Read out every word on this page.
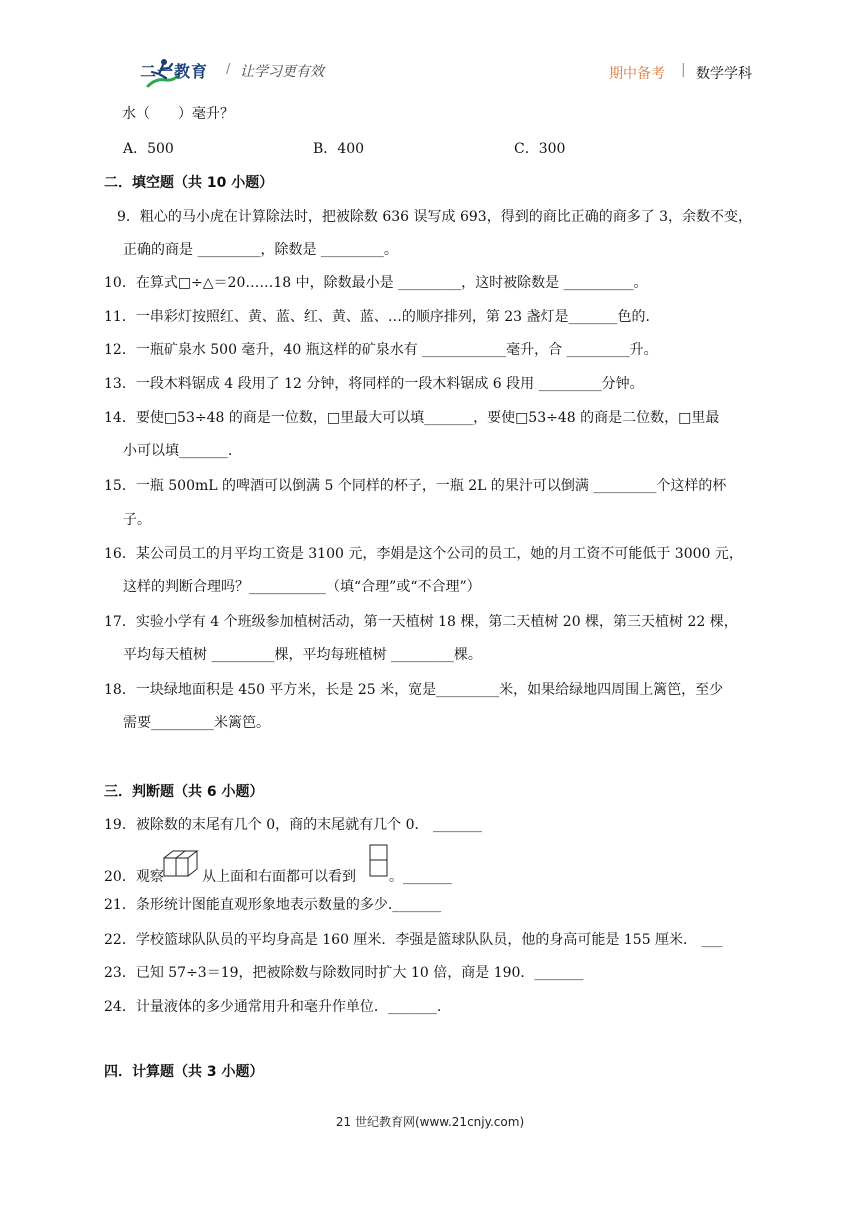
二一教育 / 让学习更有效	期中备考 | 数学学科
水（　　）毫升？
A．500	B．400	C．300
二．填空题（共 10 小题）
9．粗心的马小虎在计算除法时，把被除数 636 误写成 693，得到的商比正确的商多了 3，余数不变，
正确的商是 _________，除数是 _________。
10．在算式□÷△＝20……18 中，除数最小是 _________，这时被除数是 __________。
11．一串彩灯按照红、黄、蓝、红、黄、蓝、…的顺序排列，第 23 盏灯是_______色的．
12．一瓶矿泉水 500 毫升，40 瓶这样的矿泉水有 ____________毫升，合 _________升。
13．一段木料锯成 4 段用了 12 分钟，将同样的一段木料锯成 6 段用 _________分钟。
14．要使□53÷48 的商是一位数，□里最大可以填_______，要使□53÷48 的商是二位数，□里最
小可以填_______．
15．一瓶 500mL 的啤酒可以倒满 5 个同样的杯子，一瓶 2L 的果汁可以倒满 _________个这样的杯
子。
16．某公司员工的月平均工资是 3100 元，李娟是这个公司的员工，她的月工资不可能低于 3000 元，
这样的判断合理吗？___________（填“合理”或“不合理”）
17．实验小学有 4 个班级参加植树活动，第一天植树 18 棵，第二天植树 20 棵，第三天植树 22 棵，
平均每天植树 _________棵，平均每班植树 _________棵。
18．一块绿地面积是 450 平方米，长是 25 米，宽是_________米，如果给绿地四周围上篱笆，至少
需要_________米篱笆。
三．判断题（共 6 小题）
19．被除数的末尾有几个 0，商的末尾就有几个 0． _______
20．观察	从上面和右面都可以看到 。_______
21．条形统计图能直观形象地表示数量的多少._______
22．学校篮球队队员的平均身高是 160 厘米．李强是篮球队队员，他的身高可能是 155 厘米． ___
23．已知 57÷3＝19，把被除数与除数同时扩大 10 倍，商是 190．_______
24．计量液体的多少通常用升和毫升作单位．_______.
四．计算题（共 3 小题）
21 世纪教育网(www.21cnjy.com)
